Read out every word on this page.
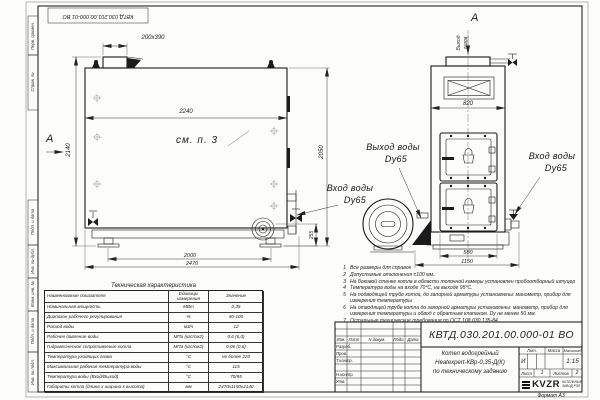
Перв. примен.
Справ. №
Подп. и дата
Инв. № дубл.
Взам. инв. №
Подп. и дата
Инв. № подл.
КВТД.030.201.00.000-01 ВО
200х390
2240
см. п. 3
А
2140
2000
2470
255
2050
Вход воды
Dy65
А
Выход газов
820
580
1150
Выход воды
Dy65	Вход воды
Dy65
Техническая характеристика
Наименование показателя	Единицы измерения	Значение
Номинальная мощность	МВт	0,35
Диапазон рабочего регулирования	%	50-100
Расход воды	м3/ч	12
Рабочее давление воды	МПа (кгс/см2)	0,6 (6,0)
Гидравлическое сопротивление котла	МПа (кгс/см2)	0,06 (0,6)
Температура уходящих газов	°С	не более 220
Максимальная рабочая температура воды	°С	115
Температура воды (Вход/Выход)	°С	70/95
Габариты котла (длина х ширина х высота)	мм	2470х1150х2140
1 Все размеры для справок
2 Допустимые отклонения ±100 мм.
3 На боковой стенке котла в области топочной камеры установлен пробоотборный штуцер
4 Температура воды на входе 70°С, на выходе 95°С.
5 На подводящей трубе котла, до запорной арматуры установлены: манометр, прибор для измерения температуры
6 На отводящей трубе котла до запорной арматуры установлены: манометр, прибор для измерения температуры и обвод с обратным клапаном. Dу не менее 50 мм.
7 Остальные технические требования по ОСТ 108.030.135-84.
КВТД.030.201.00.000-01 ВО
Изм. Лист	N докум.	Подп. Дата
Разраб.
Пров.
Т.контр.
Н.контр.
Утв.
Котел водогрейный
Heatexpert-КВр-0,35-Д(К)
по техническому заданию
Лит.	Масса Масштаб
И	1:15
Лист	1	Листов	2
KVZR КОТЕЛЬНЫЙ
ЗАВОД РЭП
Формат А3
